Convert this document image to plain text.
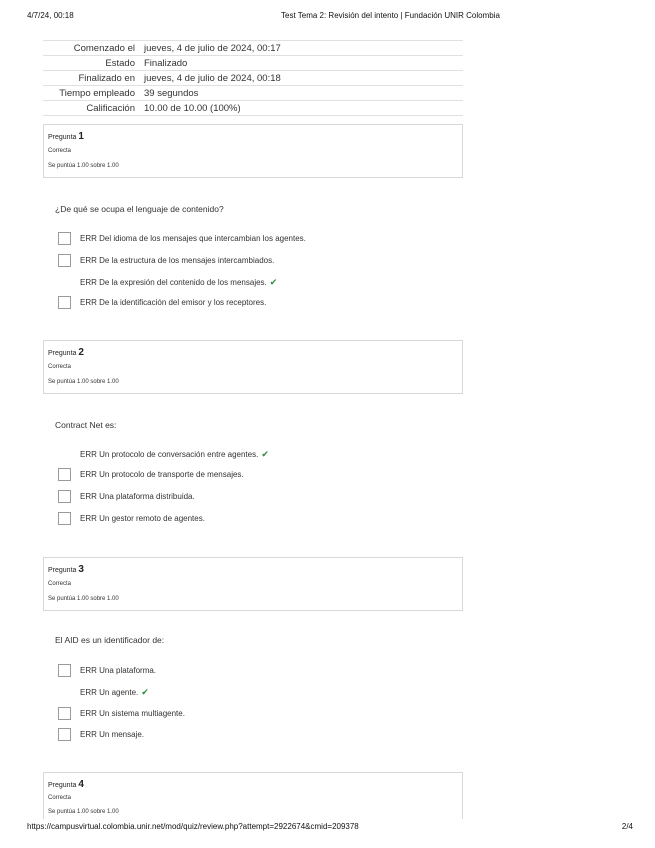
4/7/24, 00:18	Test Tema 2: Revisión del intento | Fundación UNIR Colombia
Comenzado el	jueves, 4 de julio de 2024, 00:17
Estado	Finalizado
Finalizado en	jueves, 4 de julio de 2024, 00:18
Tiempo empleado	39 segundos
Calificación	10.00 de 10.00 (100%)
Pregunta 1
Correcta
Se puntúa 1.00 sobre 1.00
¿De qué se ocupa el lenguaje de contenido?
ERR Del idioma de los mensajes que intercambian los agentes.
ERR De la estructura de los mensajes intercambiados.
ERR De la expresión del contenido de los mensajes. ✔
ERR De la identificación del emisor y los receptores.
Pregunta 2
Correcta
Se puntúa 1.00 sobre 1.00
Contract Net es:
ERR Un protocolo de conversación entre agentes. ✔
ERR Un protocolo de transporte de mensajes.
ERR Una plataforma distribuida.
ERR Un gestor remoto de agentes.
Pregunta 3
Correcta
Se puntúa 1.00 sobre 1.00
El AID es un identificador de:
ERR Una plataforma.
ERR Un agente. ✔
ERR Un sistema multiagente.
ERR Un mensaje.
Pregunta 4
Correcta
Se puntúa 1.00 sobre 1.00
https://campusvirtual.colombia.unir.net/mod/quiz/review.php?attempt=2922674&cmid=209378	2/4
